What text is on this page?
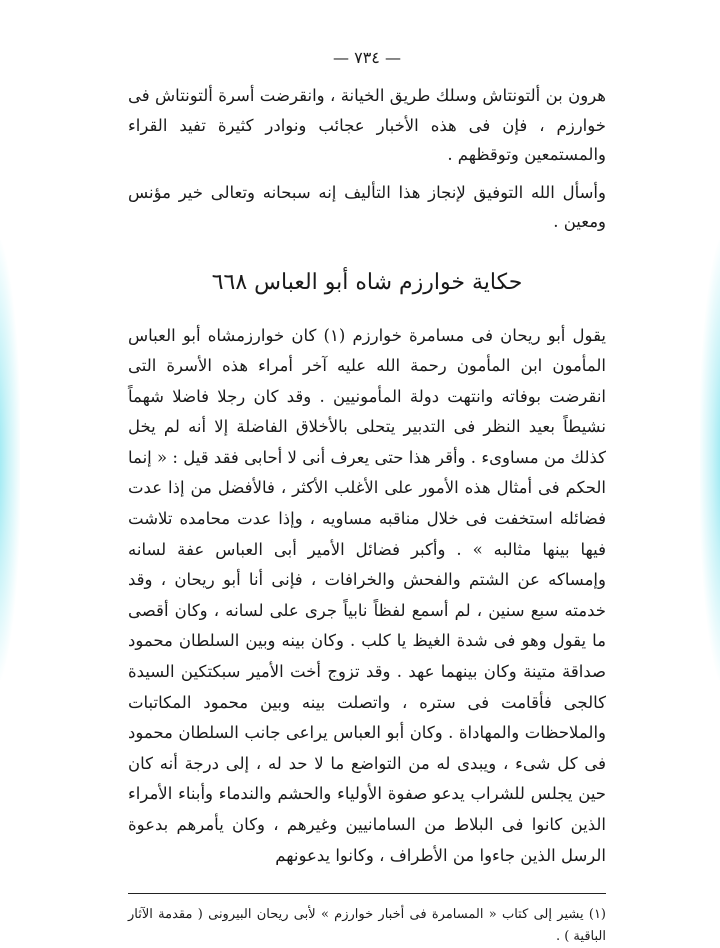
— ٧٣٤ —

هرون بن ألتونتاش وسلك طريق الخيانة ، وانقرضت أسرة ألتونتاش فى خوارزم ، فإن فى هذه الأخبار عجائب ونوادر كثيرة تفيد القراء والمستمعين وتوقظهم .

وأسأل الله التوفيق لإنجاز هذا التأليف إنه سبحانه وتعالى خير مؤنس ومعين .

حكاية خوارزم شاه أبو العباس ٦٦٨

يقول أبو ريحان فى مسامرة خوارزم (١) كان خوارزمشاه أبو العباس المأمون ابن المأمون رحمة الله عليه آخر أمراء هذه الأسرة التى انقرضت بوفاته وانتهت دولة المأمونيين . وقد كان رجلا فاضلا شهماً نشيطاً بعيد النظر فى التدبير يتحلى بالأخلاق الفاضلة إلا أنه لم يخل كذلك من مساوىء . وأقر هذا حتى يعرف أنى لا أحابى فقد قيل : « إنما الحكم فى أمثال هذه الأمور على الأغلب الأكثر ، فالأفضل من إذا عدت فضائله استخفت فى خلال مناقبه مساويه ، وإذا عدت محامده تلاشت فيها بينها مثالبه » . وأكبر فضائل الأمير أبى العباس عفة لسانه وإمساكه عن الشتم والفحش والخرافات ، فإنى أنا أبو ريحان ، وقد خدمته سبع سنين ، لم أسمع لفظاً نابياً جرى على لسانه ، وكان أقصى ما يقول وهو فى شدة الغيظ يا كلب . وكان بينه وبين السلطان محمود صداقة متينة وكان بينهما عهد . وقد تزوج أخت الأمير سبكتكين السيدة كالجى فأقامت فى ستره ، واتصلت بينه وبين محمود المكاتبات والملاحظات والمهاداة . وكان أبو العباس يراعى جانب السلطان محمود فى كل شىء ، ويبدى له من التواضع ما لا حد له ، إلى درجة أنه كان حين يجلس للشراب يدعو صفوة الأولياء والحشم والندماء وأبناء الأمراء الذين كانوا فى البلاط من السامانيين وغيرهم ، وكان يأمرهم بدعوة الرسل الذين جاءوا من الأطراف ، وكانوا يدعونهم

(١) يشير إلى كتاب « المسامرة فى أخبار خوارزم » لأبى ريحان البيرونى ( مقدمة الآثار الباقية ) .
